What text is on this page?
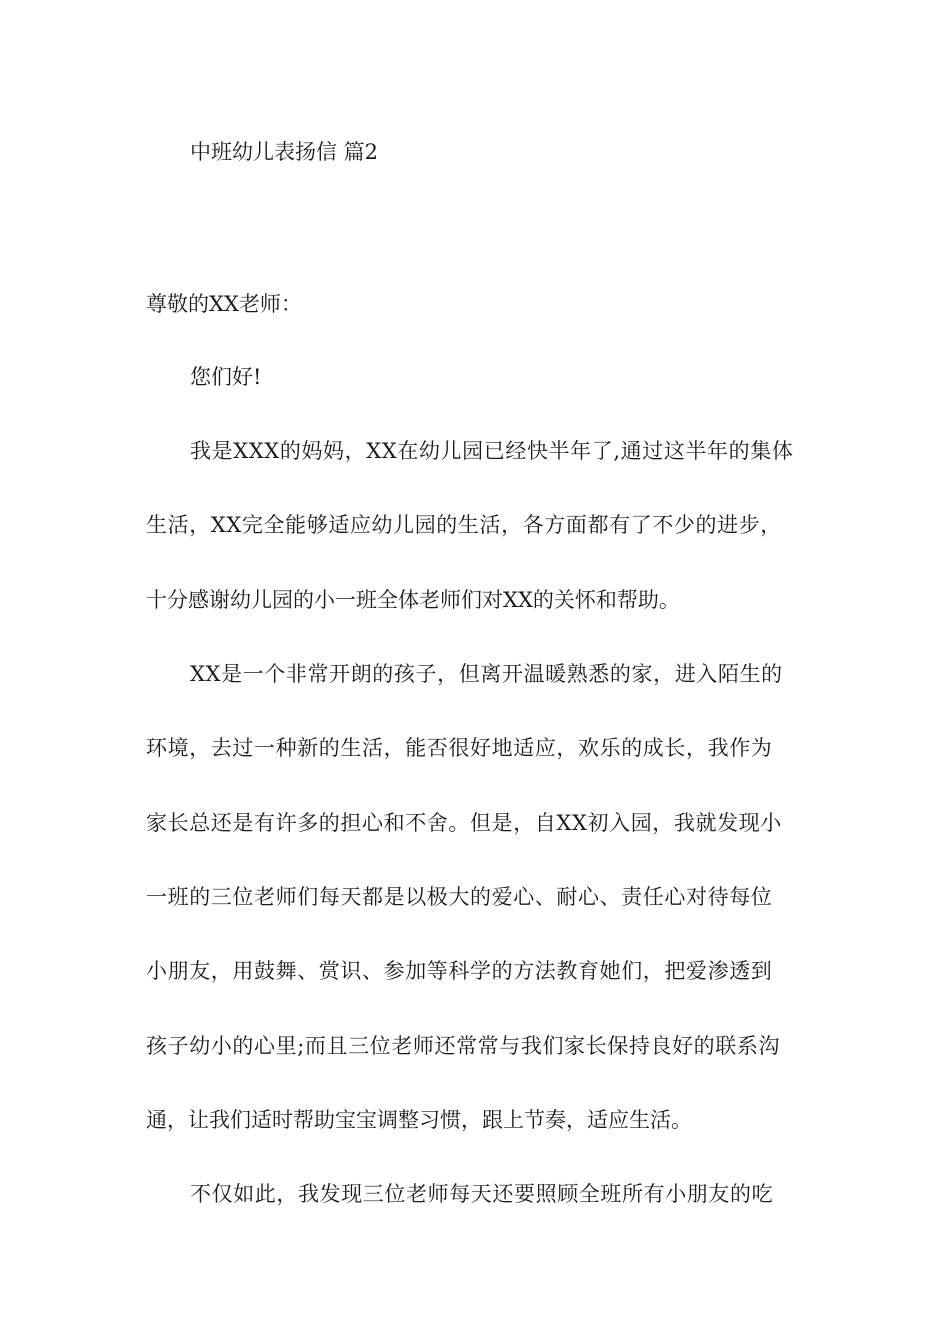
中班幼儿表扬信 篇2
尊敬的XX老师：
您们好!
我是XXX的妈妈，XX在幼儿园已经快半年了,通过这半年的集体
生活，XX完全能够适应幼儿园的生活，各方面都有了不少的进步，
十分感谢幼儿园的小一班全体老师们对XX的关怀和帮助。
XX是一个非常开朗的孩子，但离开温暖熟悉的家，进入陌生的
环境，去过一种新的生活，能否很好地适应，欢乐的成长，我作为
家长总还是有许多的担心和不舍。但是，自XX初入园，我就发现小
一班的三位老师们每天都是以极大的爱心、耐心、责任心对待每位
小朋友，用鼓舞、赏识、参加等科学的方法教育她们，把爱渗透到
孩子幼小的心里;而且三位老师还常常与我们家长保持良好的联系沟
通，让我们适时帮助宝宝调整习惯，跟上节奏，适应生活。
不仅如此，我发现三位老师每天还要照顾全班所有小朋友的吃
